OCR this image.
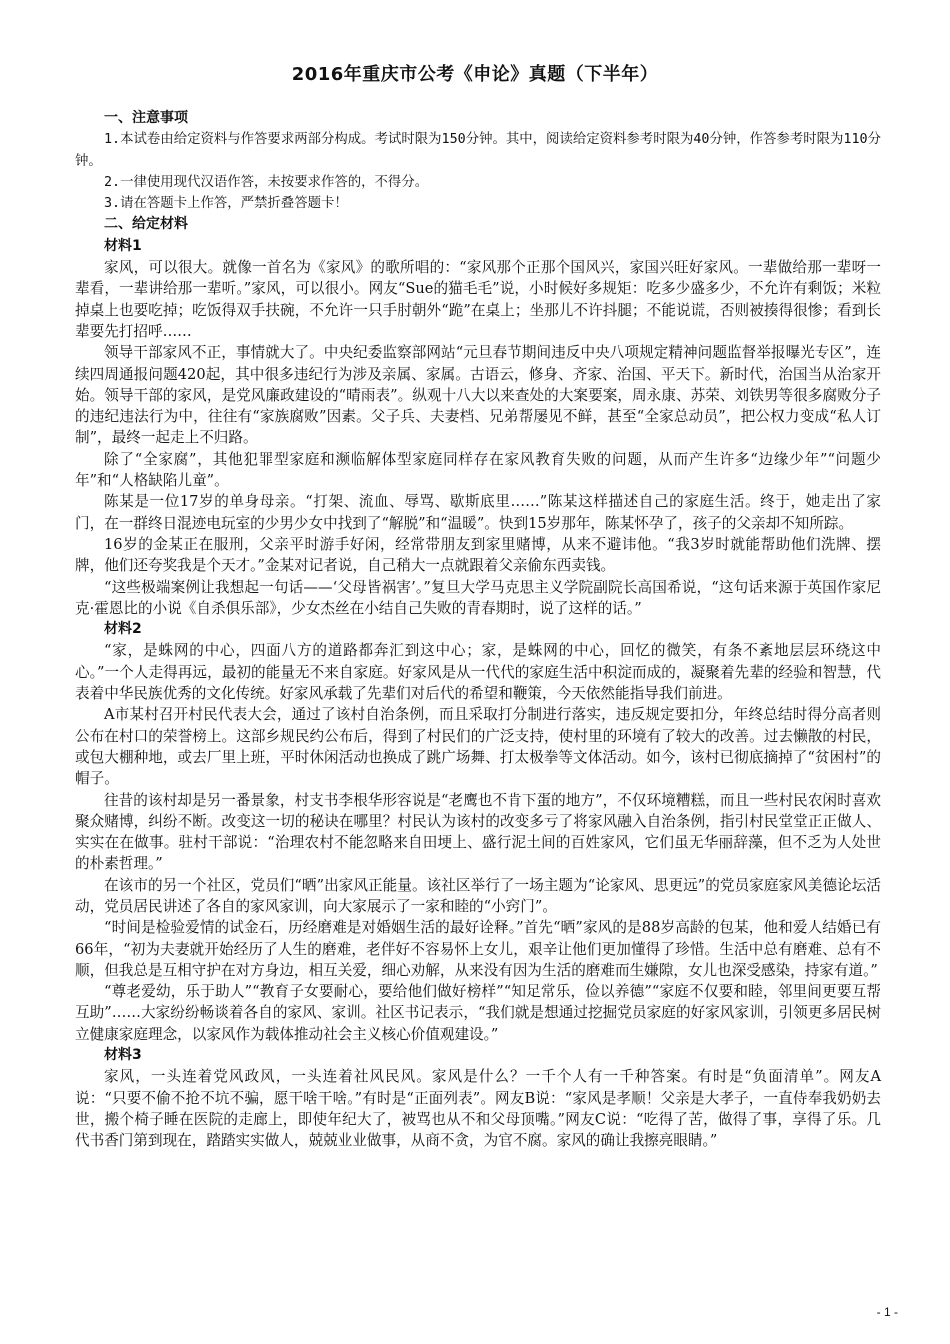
2016年重庆市公考《申论》真题（下半年）

一、注意事项

1.本试卷由给定资料与作答要求两部分构成。考试时限为150分钟。其中，阅读给定资料参考时限为40分钟，作答参考时限为110分钟。

2.一律使用现代汉语作答，未按要求作答的，不得分。

3.请在答题卡上作答，严禁折叠答题卡！

二、给定材料

材料1

家风，可以很大。就像一首名为《家风》的歌所唱的：“家风那个正那个国风兴，家国兴旺好家风。一辈做给那一辈呀一辈看，一辈讲给那一辈听。”家风，可以很小。网友“Sue的猫毛毛”说，小时候好多规矩：吃多少盛多少，不允许有剩饭；米粒掉桌上也要吃掉；吃饭得双手扶碗，不允许一只手肘朝外“跪”在桌上；坐那儿不许抖腿；不能说谎，否则被揍得很惨；看到长辈要先打招呼……

领导干部家风不正，事情就大了。中央纪委监察部网站“元旦春节期间违反中央八项规定精神问题监督举报曝光专区”，连续四周通报问题420起，其中很多违纪行为涉及亲属、家属。古语云，修身、齐家、治国、平天下。新时代，治国当从治家开始。领导干部的家风，是党风廉政建设的“晴雨表”。纵观十八大以来查处的大案要案，周永康、苏荣、刘铁男等很多腐败分子的违纪违法行为中，往往有“家族腐败”因素。父子兵、夫妻档、兄弟帮屡见不鲜，甚至“全家总动员”，把公权力变成“私人订制”，最终一起走上不归路。

除了“全家腐”，其他犯罪型家庭和濒临解体型家庭同样存在家风教育失败的问题，从而产生许多“边缘少年”“问题少年”和“人格缺陷儿童”。

陈某是一位17岁的单身母亲。“打架、流血、辱骂、歇斯底里……”陈某这样描述自己的家庭生活。终于，她走出了家门，在一群终日混迹电玩室的少男少女中找到了“解脱”和“温暖”。快到15岁那年，陈某怀孕了，孩子的父亲却不知所踪。

16岁的金某正在服刑，父亲平时游手好闲，经常带朋友到家里赌博，从来不避讳他。“我3岁时就能帮助他们洗牌、摆牌，他们还夸奖我是个天才。”金某对记者说，自己稍大一点就跟着父亲偷东西卖钱。

“这些极端案例让我想起一句话——‘父母皆祸害’。”复旦大学马克思主义学院副院长高国希说，“这句话来源于英国作家尼克·霍恩比的小说《自杀俱乐部》，少女杰丝在小结自己失败的青春期时，说了这样的话。”

材料2

“家，是蛛网的中心，四面八方的道路都奔汇到这中心；家，是蛛网的中心，回忆的微笑，有条不紊地层层环绕这中心。”一个人走得再远，最初的能量无不来自家庭。好家风是从一代代的家庭生活中积淀而成的，凝聚着先辈的经验和智慧，代表着中华民族优秀的文化传统。好家风承载了先辈们对后代的希望和鞭策，今天依然能指导我们前进。

A市某村召开村民代表大会，通过了该村自治条例，而且采取打分制进行落实，违反规定要扣分，年终总结时得分高者则公布在村口的荣誉榜上。这部乡规民约公布后，得到了村民们的广泛支持，使村里的环境有了较大的改善。过去懒散的村民，或包大棚种地，或去厂里上班，平时休闲活动也换成了跳广场舞、打太极拳等文体活动。如今，该村已彻底摘掉了“贫困村”的帽子。

往昔的该村却是另一番景象，村支书李根华形容说是“老鹰也不肯下蛋的地方”，不仅环境糟糕，而且一些村民农闲时喜欢聚众赌博，纠纷不断。改变这一切的秘诀在哪里？村民认为该村的改变多亏了将家风融入自治条例，指引村民堂堂正正做人、实实在在做事。驻村干部说：“治理农村不能忽略来自田埂上、盛行泥土间的百姓家风，它们虽无华丽辞藻，但不乏为人处世的朴素哲理。”

在该市的另一个社区，党员们“晒”出家风正能量。该社区举行了一场主题为“论家风、思更远”的党员家庭家风美德论坛活动，党员居民讲述了各自的家风家训，向大家展示了一家和睦的“小窍门”。

“时间是检验爱情的试金石，历经磨难是对婚姻生活的最好诠释。”首先“晒”家风的是88岁高龄的包某，他和爱人结婚已有66年，“初为夫妻就开始经历了人生的磨难，老伴好不容易怀上女儿，艰辛让他们更加懂得了珍惜。生活中总有磨难、总有不顺，但我总是互相守护在对方身边，相互关爱，细心劝解，从来没有因为生活的磨难而生嫌隙，女儿也深受感染，持家有道。”

“尊老爱幼，乐于助人”“教育子女要耐心，要给他们做好榜样”“知足常乐，俭以养德”“家庭不仅要和睦，邻里间更要互帮互助”……大家纷纷畅谈着各自的家风、家训。社区书记表示，“我们就是想通过挖掘党员家庭的好家风家训，引领更多居民树立健康家庭理念，以家风作为载体推动社会主义核心价值观建设。”

材料3

家风，一头连着党风政风，一头连着社风民风。家风是什么？一千个人有一千种答案。有时是“负面清单”。网友A说：“只要不偷不抢不坑不骗，愿干啥干啥。”有时是“正面列表”。网友B说：“家风是孝顺！父亲是大孝子，一直侍奉我奶奶去世，搬个椅子睡在医院的走廊上，即使年纪大了，被骂也从不和父母顶嘴。”网友C说：“吃得了苦，做得了事，享得了乐。几代书香门第到现在，踏踏实实做人，兢兢业业做事，从商不贪，为官不腐。家风的确让我擦亮眼睛。”

- 1 -
